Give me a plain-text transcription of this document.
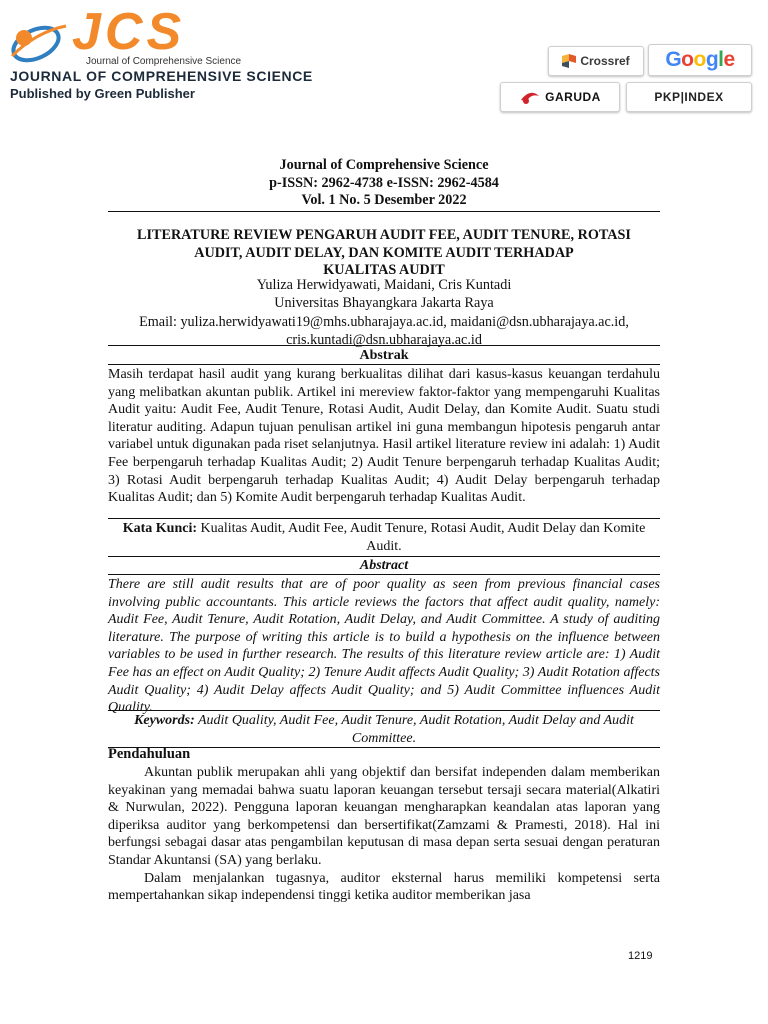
JCS
Journal of Comprehensive Science
JOURNAL OF COMPREHENSIVE SCIENCE
Published by Green Publisher
Crossref Google
GARUDA	PKP|INDEX
Journal of Comprehensive Science
p-ISSN: 2962-4738 e-ISSN: 2962-4584
Vol. 1 No. 5 Desember 2022
LITERATURE REVIEW PENGARUH AUDIT FEE, AUDIT TENURE, ROTASI
AUDIT, AUDIT DELAY, DAN KOMITE AUDIT TERHADAP
KUALITAS AUDIT
Yuliza Herwidyawati, Maidani, Cris Kuntadi
Universitas Bhayangkara Jakarta Raya
Email: yuliza.herwidyawati19@mhs.ubharajaya.ac.id, maidani@dsn.ubharajaya.ac.id,
cris.kuntadi@dsn.ubharajaya.ac.id
Abstrak
Masih terdapat hasil audit yang kurang berkualitas dilihat dari kasus-kasus keuangan terdahulu yang melibatkan akuntan publik. Artikel ini mereview faktor-faktor yang mempengaruhi Kualitas Audit yaitu: Audit Fee, Audit Tenure, Rotasi Audit, Audit Delay, dan Komite Audit. Suatu studi literatur auditing. Adapun tujuan penulisan artikel ini guna membangun hipotesis pengaruh antar variabel untuk digunakan pada riset selanjutnya. Hasil artikel literature review ini adalah: 1) Audit Fee berpengaruh terhadap Kualitas Audit; 2) Audit Tenure berpengaruh terhadap Kualitas Audit; 3) Rotasi Audit berpengaruh terhadap Kualitas Audit; 4) Audit Delay berpengaruh terhadap Kualitas Audit; dan 5) Komite Audit berpengaruh terhadap Kualitas Audit.
Kata Kunci: Kualitas Audit, Audit Fee, Audit Tenure, Rotasi Audit, Audit Delay dan Komite Audit.
Abstract
There are still audit results that are of poor quality as seen from previous financial cases involving public accountants. This article reviews the factors that affect audit quality, namely: Audit Fee, Audit Tenure, Audit Rotation, Audit Delay, and Audit Committee. A study of auditing literature. The purpose of writing this article is to build a hypothesis on the influence between variables to be used in further research. The results of this literature review article are: 1) Audit Fee has an effect on Audit Quality; 2) Tenure Audit affects Audit Quality; 3) Audit Rotation affects Audit Quality; 4) Audit Delay affects Audit Quality; and 5) Audit Committee influences Audit Quality.
Keywords: Audit Quality, Audit Fee, Audit Tenure, Audit Rotation, Audit Delay and Audit Committee.
Pendahuluan

Akuntan publik merupakan ahli yang objektif dan bersifat independen dalam memberikan keyakinan yang memadai bahwa suatu laporan keuangan tersebut tersaji secara material(Alkatiri & Nurwulan, 2022). Pengguna laporan keuangan mengharapkan keandalan atas laporan yang diperiksa auditor yang berkompetensi dan bersertifikat(Zamzami & Pramesti, 2018). Hal ini berfungsi sebagai dasar atas pengambilan keputusan di masa depan serta sesuai dengan peraturan Standar Akuntansi (SA) yang berlaku.

Dalam menjalankan tugasnya, auditor eksternal harus memiliki kompetensi serta mempertahankan sikap independensi tinggi ketika auditor memberikan jasa

1219
